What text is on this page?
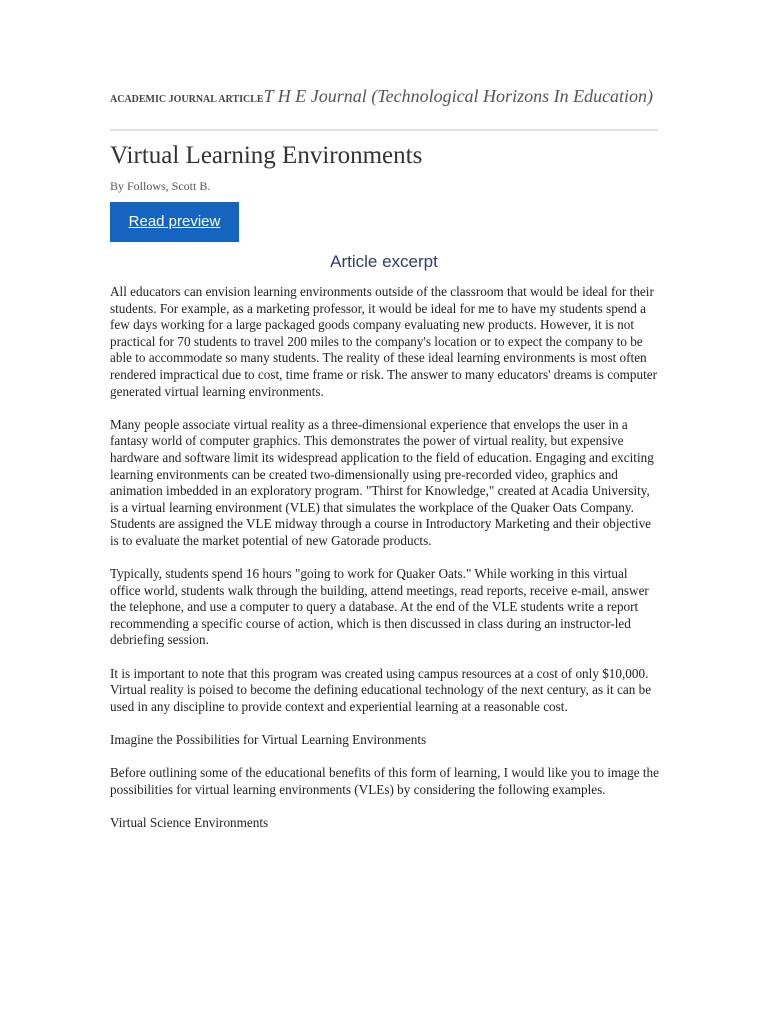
ACADEMIC JOURNAL ARTICLET H E Journal (Technological Horizons In Education)
Virtual Learning Environments
By Follows, Scott B.
Read preview
Article excerpt

All educators can envision learning environments outside of the classroom that would be ideal for their students. For example, as a marketing professor, it would be ideal for me to have my students spend a few days working for a large packaged goods company evaluating new products. However, it is not practical for 70 students to travel 200 miles to the company's location or to expect the company to be able to accommodate so many students. The reality of these ideal learning environments is most often rendered impractical due to cost, time frame or risk. The answer to many educators' dreams is computer generated virtual learning environments.

Many people associate virtual reality as a three-dimensional experience that envelops the user in a fantasy world of computer graphics. This demonstrates the power of virtual reality, but expensive hardware and software limit its widespread application to the field of education. Engaging and exciting learning environments can be created two-dimensionally using pre-recorded video, graphics and animation imbedded in an exploratory program. "Thirst for Knowledge," created at Acadia University, is a virtual learning environment (VLE) that simulates the workplace of the Quaker Oats Company. Students are assigned the VLE midway through a course in Introductory Marketing and their objective is to evaluate the market potential of new Gatorade products.

Typically, students spend 16 hours "going to work for Quaker Oats." While working in this virtual office world, students walk through the building, attend meetings, read reports, receive e-mail, answer the telephone, and use a computer to query a database. At the end of the VLE students write a report recommending a specific course of action, which is then discussed in class during an instructor-led debriefing session.

It is important to note that this program was created using campus resources at a cost of only $10,000. Virtual reality is poised to become the defining educational technology of the next century, as it can be used in any discipline to provide context and experiential learning at a reasonable cost.

Imagine the Possibilities for Virtual Learning Environments

Before outlining some of the educational benefits of this form of learning, I would like you to image the possibilities for virtual learning environments (VLEs) by considering the following examples.

Virtual Science Environments
